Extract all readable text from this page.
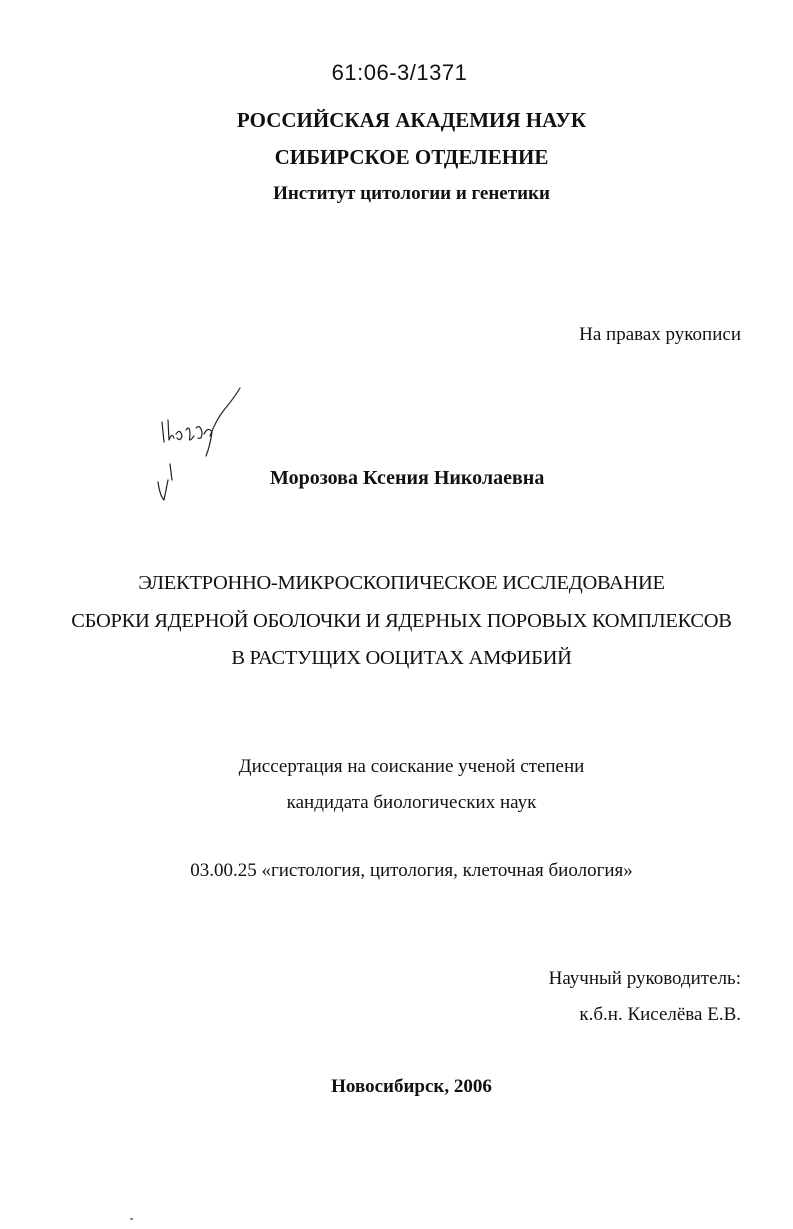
61:06-3/1371
РОССИЙСКАЯ АКАДЕМИЯ НАУК
СИБИРСКОЕ ОТДЕЛЕНИЕ
Институт цитологии и генетики
На правах рукописи
Морозова Ксения Николаевна
ЭЛЕКТРОННО-МИКРОСКОПИЧЕСКОЕ ИССЛЕДОВАНИЕ
СБОРКИ ЯДЕРНОЙ ОБОЛОЧКИ И ЯДЕРНЫХ ПОРОВЫХ КОМПЛЕКСОВ
В РАСТУЩИХ ООЦИТАХ АМФИБИЙ
Диссертация на соискание ученой степени
кандидата биологических наук
03.00.25 «гистология, цитология, клеточная биология»
Научный руководитель:
к.б.н. Киселёва Е.В.
Новосибирск, 2006
